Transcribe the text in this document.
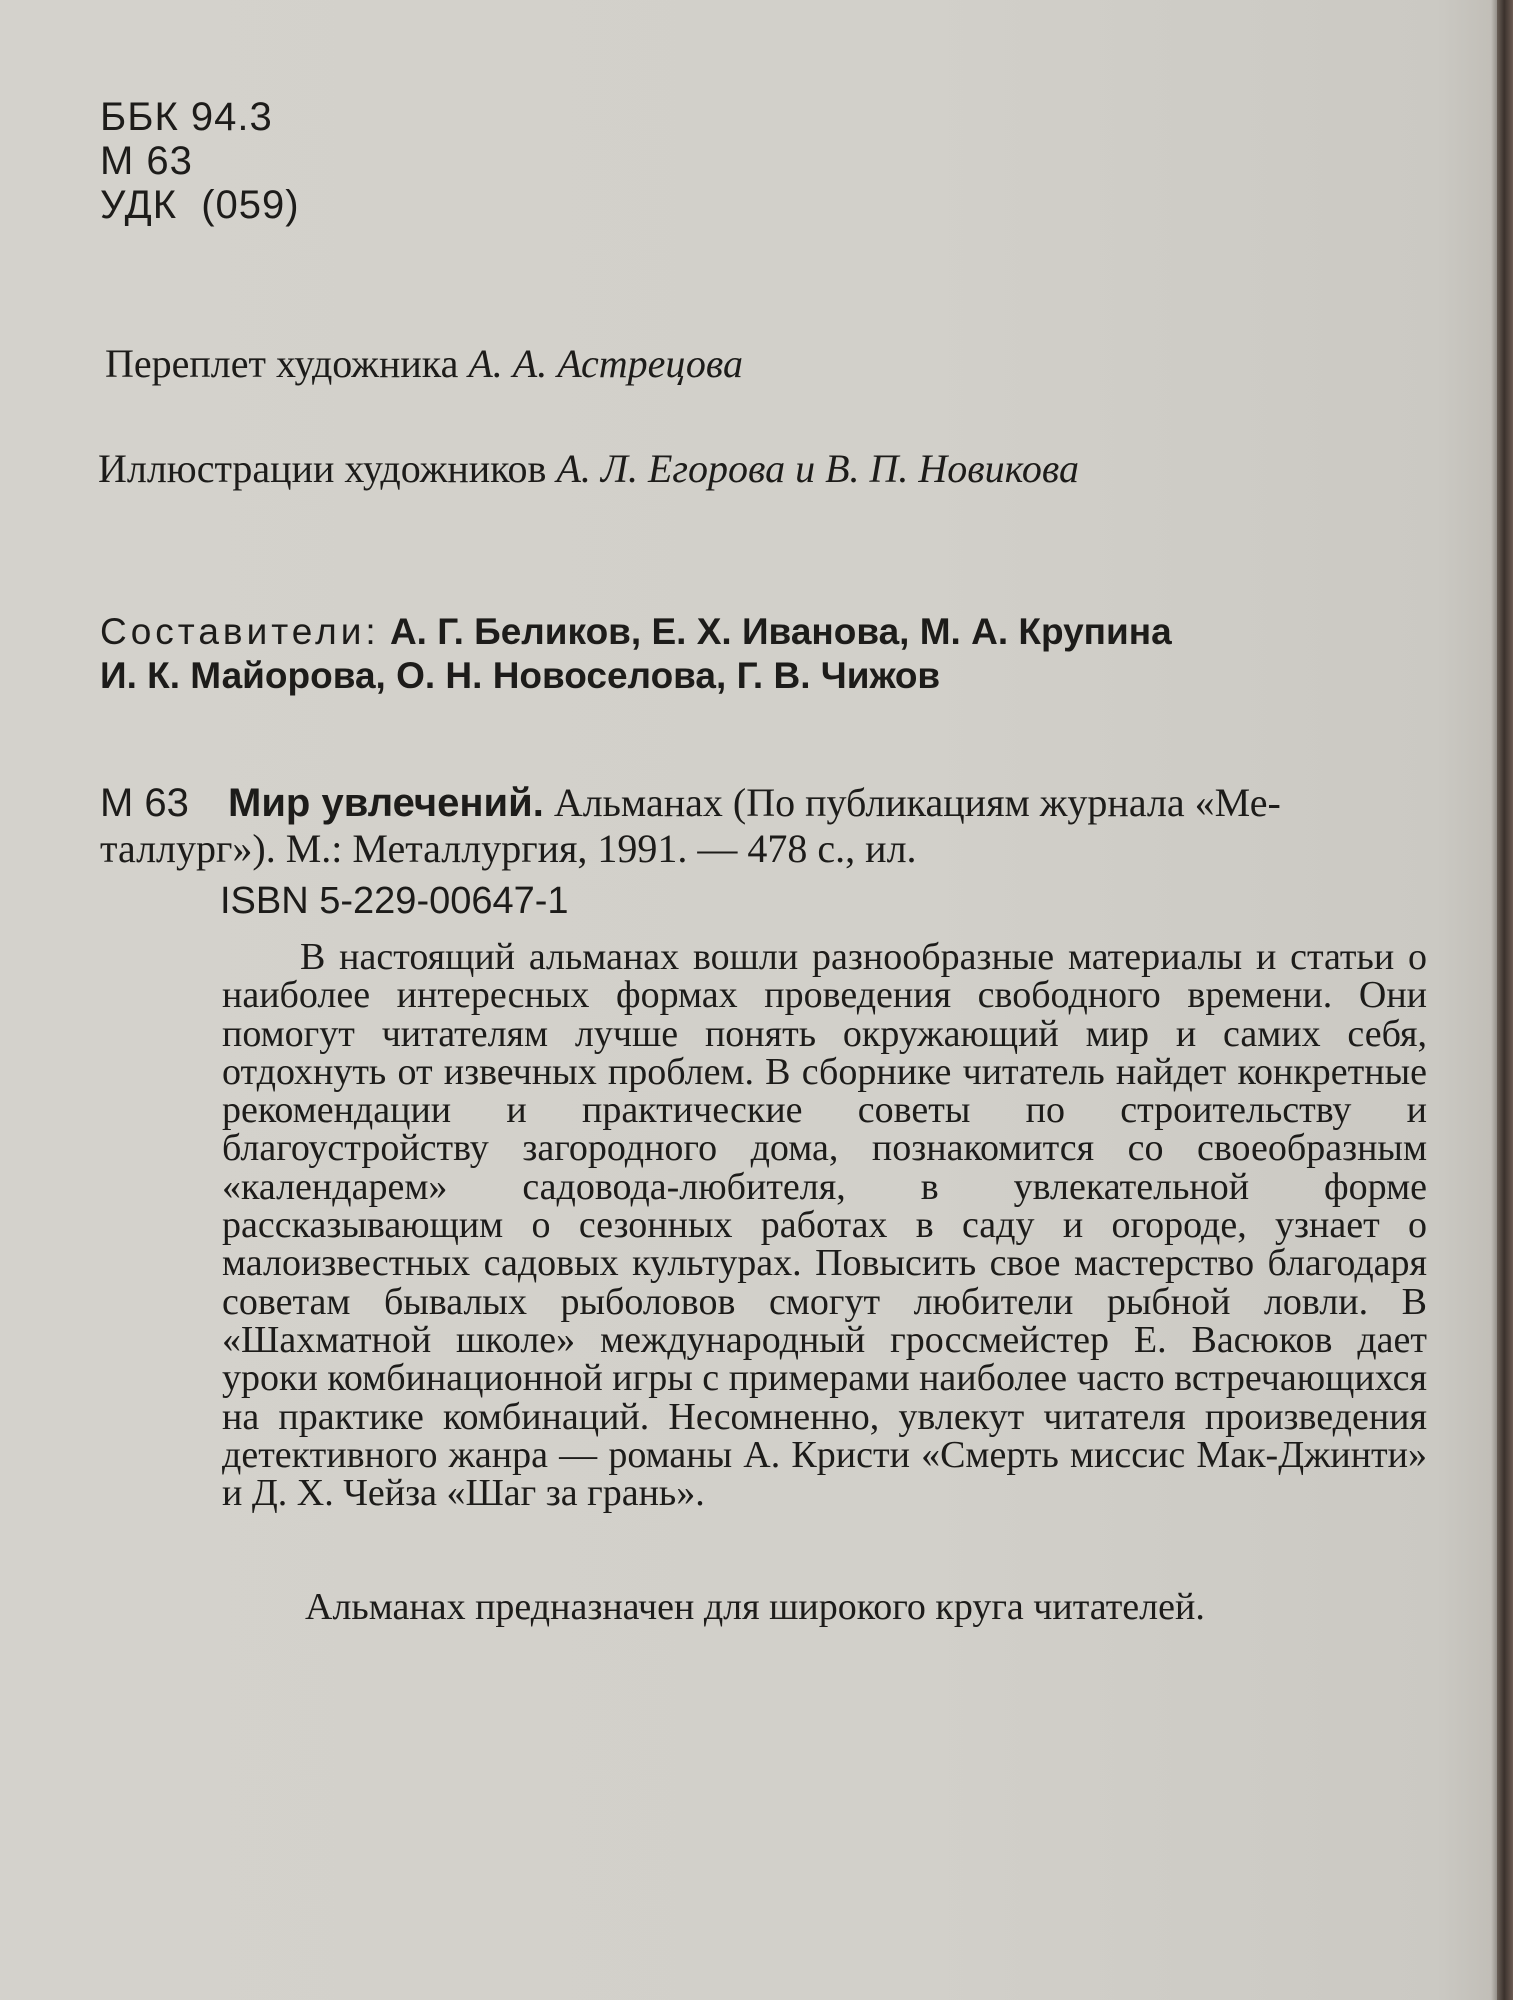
ББК 94.3
М 63
УДК  (059)
Переплет художника А. А. Астрецова
Иллюстрации художников А. Л. Егорова и В. П. Новикова
Составители: А. Г. Беликов, Е. Х. Иванова, М. А. Крупина
И. К. Майорова, О. Н. Новоселова, Г. В. Чижов
М 63 Мир увлечений. Альманах (По публикациям журнала «Ме-
таллург»). М.: Металлургия, 1991. — 478 с., ил.
ISBN 5-229-00647-1

В настоящий альманах вошли разнообразные материалы и статьи о наиболее интересных формах проведения свободного времени. Они помогут читателям лучше понять окружающий мир и самих себя, отдохнуть от извечных проблем. В сборнике читатель найдет конкретные рекомендации и практические советы по строительству и благоустройству загородного дома, познакомится со своеобразным «календарем» садовода-любителя, в увлекательной форме рассказывающим о сезонных работах в саду и огороде, узнает о малоизвестных садовых культурах. Повысить свое мастерство благодаря советам бывалых рыболовов смогут любители рыбной ловли. В «Шахматной школе» международный гроссмейстер Е. Васюков дает уроки комбинационной игры с примерами наиболее часто встречающихся на практике комбинаций. Несомненно, увлекут читателя произведения детективного жанра — романы А. Кристи «Смерть миссис Мак-Джинти» и Д. Х. Чейза «Шаг за грань».

Альманах предназначен для широкого круга читателей.
